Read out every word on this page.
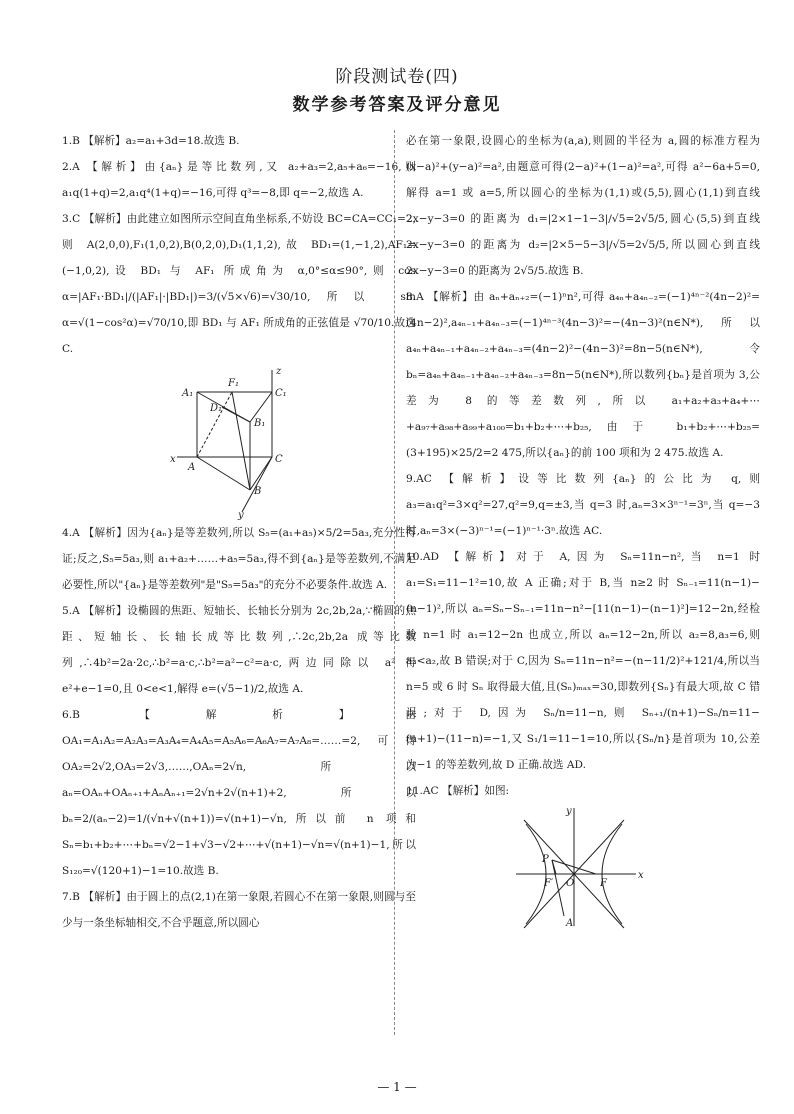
阶段测试卷(四)
数学参考答案及评分意见

1.B 【解析】a₂=a₁+3d=18.故选 B.

2.A 【解析】由{aₙ}是等比数列,又 a₂+a₃=2,a₅+a₆=−16,则 a₁q(1+q)=2,a₁q⁴(1+q)=−16,可得 q³=−8,即 q=−2,故选 A.

3.C 【解析】由此建立如图所示空间直角坐标系,不妨设 BC=CA=CC₁=2,则 A(2,0,0),F₁(1,0,2),B(0,2,0),D₁(1,1,2),故 BD₁=(1,−1,2),AF₁=(−1,0,2),设 BD₁ 与 AF₁ 所成角为 α,0°≤α≤90°,则 cos α=|AF₁·BD₁|/(|AF₁|·|BD₁|)=3/(√5×√6)=√30/10,所以 sin α=√(1−cos²α)=√70/10,即 BD₁ 与 AF₁ 所成角的正弦值是 √70/10.故选 C.

z
F₁
A₁	C₁
D₁
B₁
x
A
C
B
y

4.A 【解析】因为{aₙ}是等差数列,所以 S₅=(a₁+a₅)×5/2=5a₃,充分性得证;反之,S₅=5a₃,则 a₁+a₂+……+a₅=5a₃,得不到{aₙ}是等差数列,不满足必要性,所以"{aₙ}是等差数列"是"S₅=5a₃"的充分不必要条件.故选 A.

5.A 【解析】设椭圆的焦距、短轴长、长轴长分别为 2c,2b,2a,∵椭圆的焦距、短轴长、长轴长成等比数列,∴2c,2b,2a 成等比数列,∴4b²=2a·2c,∴b²=a·c,∴b²=a²−c²=a·c,两边同除以 a² 得 e²+e−1=0,且 0<e<1,解得 e=(√5−1)/2,故选 A.

6.B 【解析】由 OA₁=A₁A₂=A₂A₃=A₃A₄=A₄A₅=A₅A₆=A₆A₇=A₇A₈=……=2,可得 OA₂=2√2,OA₃=2√3,……,OAₙ=2√n,所以 aₙ=OAₙ+OAₙ₊₁+AₙAₙ₊₁=2√n+2√(n+1)+2,所以 bₙ=2/(aₙ−2)=1/(√n+√(n+1))=√(n+1)−√n,所以前 n 项和 Sₙ=b₁+b₂+⋯+bₙ=√2−1+√3−√2+⋯+√(n+1)−√n=√(n+1)−1,所以 S₁₂₀=√(120+1)−1=10.故选 B.

7.B 【解析】由于圆上的点(2,1)在第一象限,若圆心不在第一象限,则圆与至少与一条坐标轴相交,不合乎题意,所以圆心

必在第一象限,设圆心的坐标为(a,a),则圆的半径为 a,圆的标准方程为(x−a)²+(y−a)²=a²,由题意可得(2−a)²+(1−a)²=a²,可得 a²−6a+5=0,解得 a=1 或 a=5,所以圆心的坐标为(1,1)或(5,5),圆心(1,1)到直线 2x−y−3=0 的距离为 d₁=|2×1−1−3|/√5=2√5/5,圆心(5,5)到直线 2x−y−3=0 的距离为 d₂=|2×5−5−3|/√5=2√5/5,所以圆心到直线 2x−y−3=0 的距离为 2√5/5.故选 B.

8.A 【解析】由 aₙ+aₙ₊₂=(−1)ⁿn²,可得 a₄ₙ+a₄ₙ₋₂=(−1)⁴ⁿ⁻²(4n−2)²=(4n−2)²,a₄ₙ₋₁+a₄ₙ₋₃=(−1)⁴ⁿ⁻³(4n−3)²=−(4n−3)²(n∈N*),所以 a₄ₙ+a₄ₙ₋₁+a₄ₙ₋₂+a₄ₙ₋₃=(4n−2)²−(4n−3)²=8n−5(n∈N*),令 bₙ=a₄ₙ+a₄ₙ₋₁+a₄ₙ₋₂+a₄ₙ₋₃=8n−5(n∈N*),所以数列{bₙ}是首项为 3,公差为 8 的等差数列,所以 a₁+a₂+a₃+a₄+⋯+a₉₇+a₉₈+a₉₉+a₁₀₀=b₁+b₂+⋯+b₂₅,由于 b₁+b₂+⋯+b₂₅=(3+195)×25/2=2 475,所以{aₙ}的前 100 项和为 2 475.故选 A.

9.AC 【解析】设等比数列{aₙ}的公比为 q,则 a₃=a₁q²=3×q²=27,q²=9,q=±3,当 q=3 时,aₙ=3×3ⁿ⁻¹=3ⁿ,当 q=−3 时,aₙ=3×(−3)ⁿ⁻¹=(−1)ⁿ⁻¹·3ⁿ.故选 AC.

10.AD 【解析】对于 A,因为 Sₙ=11n−n²,当 n=1 时 a₁=S₁=11−1²=10,故 A 正确;对于 B,当 n≥2 时 Sₙ₋₁=11(n−1)−(n−1)²,所以 aₙ=Sₙ−Sₙ₋₁=11n−n²−[11(n−1)−(n−1)²]=12−2n,经检验 n=1 时 a₁=12−2n 也成立,所以 aₙ=12−2n,所以 a₂=8,a₃=6,则 a₃<a₂,故 B 错误;对于 C,因为 Sₙ=11n−n²=−(n−11/2)²+121/4,所以当 n=5 或 6 时 Sₙ 取得最大值,且(Sₙ)ₘₐₓ=30,即数列{Sₙ}有最大项,故 C 错误;对于 D,因为 Sₙ/n=11−n,则 Sₙ₊₁/(n+1)−Sₙ/n=11−(n+1)−(11−n)=−1,又 S₁/1=11−1=10,所以{Sₙ/n}是首项为 10,公差为−1 的等差数列,故 D 正确.故选 AD.

11.AC 【解析】如图:

y
P
F′ O	F
x
A
— 1 —
